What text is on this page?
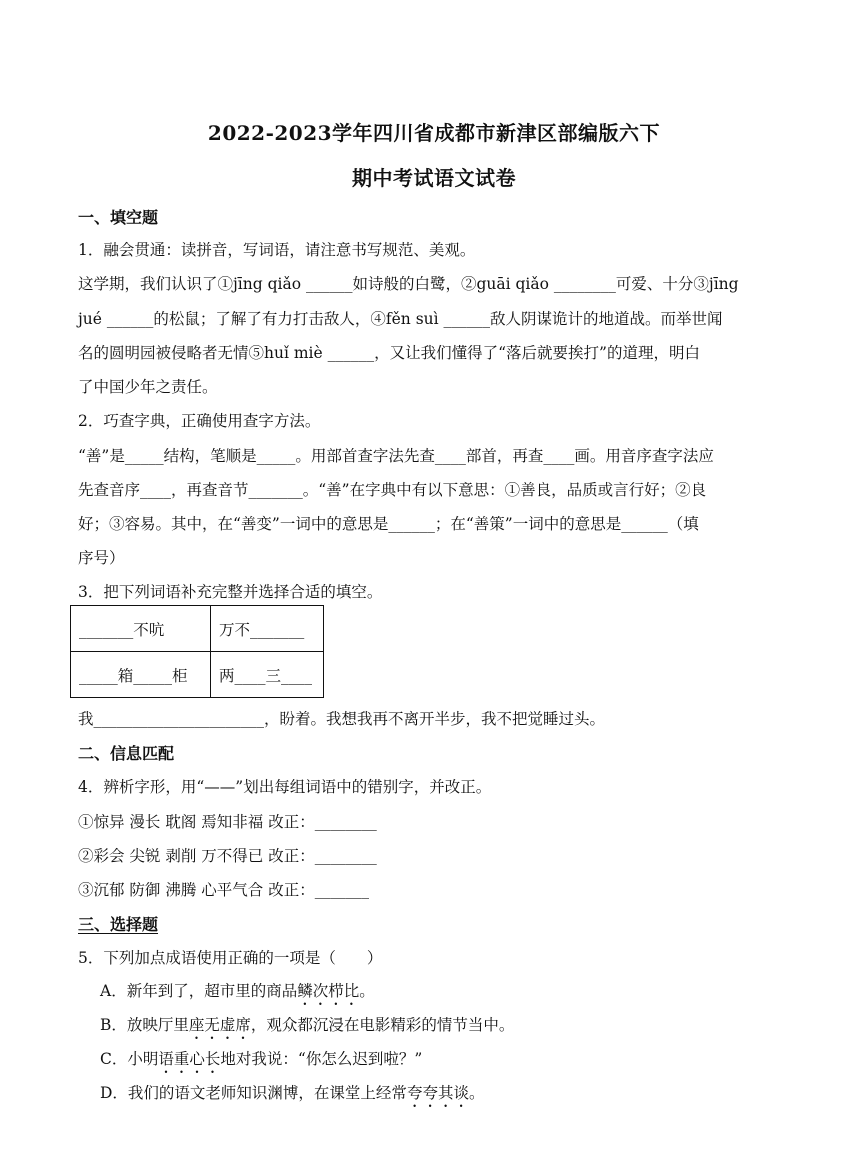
2022-2023学年四川省成都市新津区部编版六下
期中考试语文试卷
一、填空题
1．融会贯通：读拼音，写词语，请注意书写规范、美观。
这学期，我们认识了①jīng qiǎo ______如诗般的白鹭，②guāi qiǎo ________可爱、十分③jīng
jué ______的松鼠；了解了有力打击敌人，④fěn suì ______敌人阴谋诡计的地道战。而举世闻
名的圆明园被侵略者无情⑤huǐ miè ______，又让我们懂得了“落后就要挨打”的道理，明白
了中国少年之责任。
2．巧查字典，正确使用查字方法。
“善”是_____结构，笔顺是_____。用部首查字法先查____部首，再查____画。用音序查字法应
先查音序____，再查音节_______。“善”在字典中有以下意思：①善良，品质或言行好；②良
好；③容易。其中，在“善变”一词中的意思是______；在“善策”一词中的意思是______（填
序号）
3．把下列词语补充完整并选择合适的填空。
_______不吭	万不_______
_____箱_____柜	两____三____
我______________________，盼着。我想我再不离开半步，我不把觉睡过头。
二、信息匹配
4．辨析字形，用“——”划出每组词语中的错别字，并改正。
①惊异 漫长 耽阁 焉知非福 改正：________
②彩会 尖锐 剥削 万不得已 改正：________
③沉郁 防御 沸腾 心平气合 改正：_______
三、选择题
5．下列加点成语使用正确的一项是（　　）
A．新年到了，超市里的商品鳞次栉比。
B．放映厅里座无虚席，观众都沉浸在电影精彩的情节当中。
C．小明语重心长地对我说：“你怎么迟到啦？”
D．我们的语文老师知识渊博，在课堂上经常夸夸其谈。
